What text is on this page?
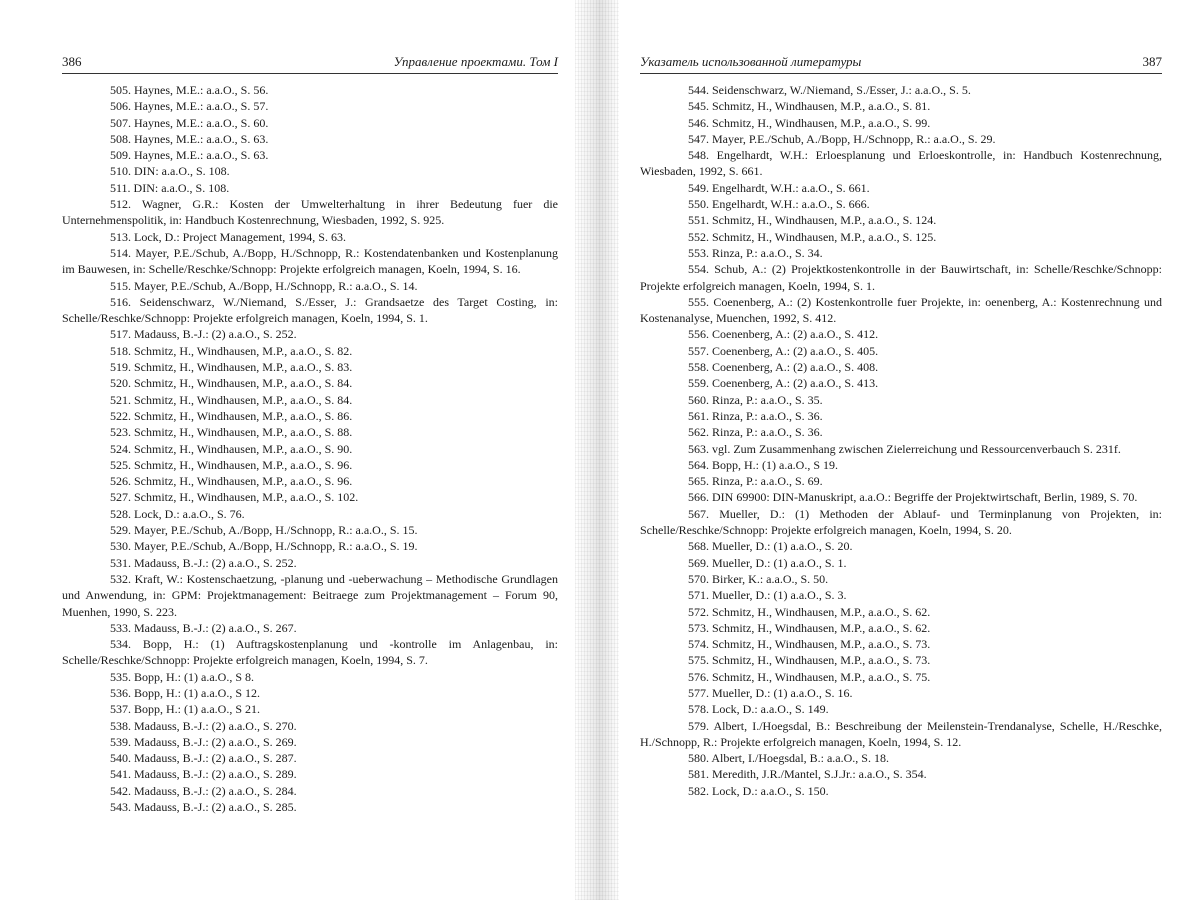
386	Управление проектами. Том I

505. Haynes, M.E.: a.a.O., S. 56.

506. Haynes, M.E.: a.a.O., S. 57.

507. Haynes, M.E.: a.a.O., S. 60.

508. Haynes, M.E.: a.a.O., S. 63.

509. Haynes, M.E.: a.a.O., S. 63.

510. DIN: a.a.O., S. 108.

511. DIN: a.a.O., S. 108.

512. Wagner, G.R.: Kosten der Umwelterhaltung in ihrer Bedeutung fuer die Unternehmenspolitik, in: Handbuch Kostenrechnung, Wiesbaden, 1992, S. 925.

513. Lock, D.: Project Management, 1994, S. 63.

514. Mayer, P.E./Schub, A./Bopp, H./Schnopp, R.: Kostendatenbanken und Kostenplanung im Bauwesen, in: Schelle/Reschke/Schnopp: Projekte erfolgreich managen, Koeln, 1994, S. 16.

515. Mayer, P.E./Schub, A./Bopp, H./Schnopp, R.: a.a.O., S. 14.

516. Seidenschwarz, W./Niemand, S./Esser, J.: Grandsaetze des Target Costing, in: Schelle/Reschke/Schnopp: Projekte erfolgreich managen, Koeln, 1994, S. 1.

517. Madauss, B.-J.: (2) a.a.O., S. 252.

518. Schmitz, H., Windhausen, M.P., a.a.O., S. 82.

519. Schmitz, H., Windhausen, M.P., a.a.O., S. 83.

520. Schmitz, H., Windhausen, M.P., a.a.O., S. 84.

521. Schmitz, H., Windhausen, M.P., a.a.O., S. 84.

522. Schmitz, H., Windhausen, M.P., a.a.O., S. 86.

523. Schmitz, H., Windhausen, M.P., a.a.O., S. 88.

524. Schmitz, H., Windhausen, M.P., a.a.O., S. 90.

525. Schmitz, H., Windhausen, M.P., a.a.O., S. 96.

526. Schmitz, H., Windhausen, M.P., a.a.O., S. 96.

527. Schmitz, H., Windhausen, M.P., a.a.O., S. 102.

528. Lock, D.: a.a.O., S. 76.

529. Mayer, P.E./Schub, A./Bopp, H./Schnopp, R.: a.a.O., S. 15.

530. Mayer, P.E./Schub, A./Bopp, H./Schnopp, R.: a.a.O., S. 19.

531. Madauss, B.-J.: (2) a.a.O., S. 252.

532. Kraft, W.: Kostenschaetzung, -planung und -ueberwachung – Methodische Grundlagen und Anwendung, in: GPM: Projektmanagement: Beitraege zum Projektmanagement – Forum 90, Muenhen, 1990, S. 223.

533. Madauss, B.-J.: (2) a.a.O., S. 267.

534. Bopp, H.: (1) Auftragskostenplanung und -kontrolle im Anlagenbau, in: Schelle/Reschke/Schnopp: Projekte erfolgreich managen, Koeln, 1994, S. 7.

535. Bopp, H.: (1) a.a.O., S 8.

536. Bopp, H.: (1) a.a.O., S 12.

537. Bopp, H.: (1) a.a.O., S 21.

538. Madauss, B.-J.: (2) a.a.O., S. 270.

539. Madauss, B.-J.: (2) a.a.O., S. 269.

540. Madauss, B.-J.: (2) a.a.O., S. 287.

541. Madauss, B.-J.: (2) a.a.O., S. 289.

542. Madauss, B.-J.: (2) a.a.O., S. 284.

543. Madauss, B.-J.: (2) a.a.O., S. 285.

Указатель использованной литературы	387

544. Seidenschwarz, W./Niemand, S./Esser, J.: a.a.O., S. 5.

545. Schmitz, H., Windhausen, M.P., a.a.O., S. 81.

546. Schmitz, H., Windhausen, M.P., a.a.O., S. 99.

547. Mayer, P.E./Schub, A./Bopp, H./Schnopp, R.: a.a.O., S. 29.

548. Engelhardt, W.H.: Erloesplanung und Erloeskontrolle, in: Handbuch Kostenrechnung, Wiesbaden, 1992, S. 661.

549. Engelhardt, W.H.: a.a.O., S. 661.

550. Engelhardt, W.H.: a.a.O., S. 666.

551. Schmitz, H., Windhausen, M.P., a.a.O., S. 124.

552. Schmitz, H., Windhausen, M.P., a.a.O., S. 125.

553. Rinza, P.: a.a.O., S. 34.

554. Schub, A.: (2) Projektkostenkontrolle in der Bauwirtschaft, in: Schelle/Reschke/Schnopp: Projekte erfolgreich managen, Koeln, 1994, S. 1.

555. Coenenberg, A.: (2) Kostenkontrolle fuer Projekte, in: oenenberg, A.: Kostenrechnung und Kostenanalyse, Muenchen, 1992, S. 412.

556. Coenenberg, A.: (2) a.a.O., S. 412.

557. Coenenberg, A.: (2) a.a.O., S. 405.

558. Coenenberg, A.: (2) a.a.O., S. 408.

559. Coenenberg, A.: (2) a.a.O., S. 413.

560. Rinza, P.: a.a.O., S. 35.

561. Rinza, P.: a.a.O., S. 36.

562. Rinza, P.: a.a.O., S. 36.

563. vgl. Zum Zusammenhang zwischen Zielerreichung und Ressourcenverbauch S. 231f.

564. Bopp, H.: (1) a.a.O., S 19.

565. Rinza, P.: a.a.O., S. 69.

566. DIN 69900: DIN-Manuskript, a.a.O.: Begriffe der Projektwirtschaft, Berlin, 1989, S. 70.

567. Mueller, D.: (1) Methoden der Ablauf- und Terminplanung von Projekten, in: Schelle/Reschke/Schnopp: Projekte erfolgreich managen, Koeln, 1994, S. 20.

568. Mueller, D.: (1) a.a.O., S. 20.

569. Mueller, D.: (1) a.a.O., S. 1.

570. Birker, K.: a.a.O., S. 50.

571. Mueller, D.: (1) a.a.O., S. 3.

572. Schmitz, H., Windhausen, M.P., a.a.O., S. 62.

573. Schmitz, H., Windhausen, M.P., a.a.O., S. 62.

574. Schmitz, H., Windhausen, M.P., a.a.O., S. 73.

575. Schmitz, H., Windhausen, M.P., a.a.O., S. 73.

576. Schmitz, H., Windhausen, M.P., a.a.O., S. 75.

577. Mueller, D.: (1) a.a.O., S. 16.

578. Lock, D.: a.a.O., S. 149.

579. Albert, I./Hoegsdal, B.: Beschreibung der Meilenstein-Trendanalyse, Schelle, H./Reschke, H./Schnopp, R.: Projekte erfolgreich managen, Koeln, 1994, S. 12.

580. Albert, I./Hoegsdal, B.: a.a.O., S. 18.

581. Meredith, J.R./Mantel, S.J.Jr.: a.a.O., S. 354.

582. Lock, D.: a.a.O., S. 150.
